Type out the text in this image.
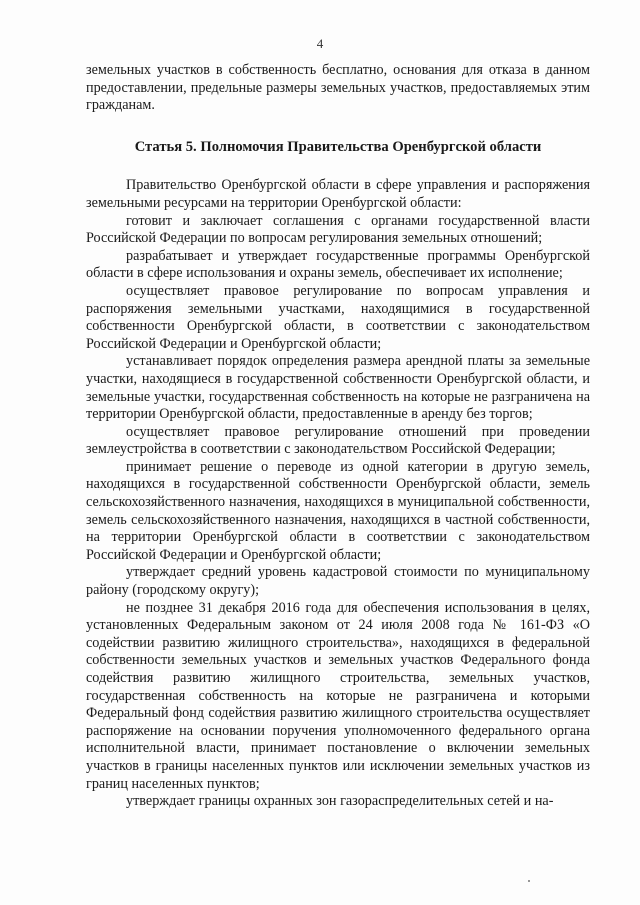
4

земельных участков в собственность бесплатно, основания для отказа в данном предоставлении, предельные размеры земельных участков, предоставляемых этим гражданам.

Статья 5. Полномочия Правительства Оренбургской области

Правительство Оренбургской области в сфере управления и распоряжения земельными ресурсами на территории Оренбургской области:

готовит и заключает соглашения с органами государственной власти Российской Федерации по вопросам регулирования земельных отношений;

разрабатывает и утверждает государственные программы Оренбургской области в сфере использования и охраны земель, обеспечивает их исполнение;

осуществляет правовое регулирование по вопросам управления и распоряжения земельными участками, находящимися в государственной собственности Оренбургской области, в соответствии с законодательством Российской Федерации и Оренбургской области;

устанавливает порядок определения размера арендной платы за земельные участки, находящиеся в государственной собственности Оренбургской области, и земельные участки, государственная собственность на которые не разграничена на территории Оренбургской области, предоставленные в аренду без торгов;

осуществляет правовое регулирование отношений при проведении землеустройства в соответствии с законодательством Российской Федерации;

принимает решение о переводе из одной категории в другую земель, находящихся в государственной собственности Оренбургской области, земель сельскохозяйственного назначения, находящихся в муниципальной собственности, земель сельскохозяйственного назначения, находящихся в частной собственности, на территории Оренбургской области в соответствии с законодательством Российской Федерации и Оренбургской области;

утверждает средний уровень кадастровой стоимости по муниципальному району (городскому округу);

не позднее 31 декабря 2016 года для обеспечения использования в целях, установленных Федеральным законом от 24 июля 2008 года № 161-ФЗ «О содействии развитию жилищного строительства», находящихся в федеральной собственности земельных участков и земельных участков Федерального фонда содействия развитию жилищного строительства, земельных участков, государственная собственность на которые не разграничена и которыми Федеральный фонд содействия развитию жилищного строительства осуществляет распоряжение на основании поручения уполномоченного федерального органа исполнительной власти, принимает постановление о включении земельных участков в границы населенных пунктов или исключении земельных участков из границ населенных пунктов;

утверждает границы охранных зон газораспределительных сетей и на-
